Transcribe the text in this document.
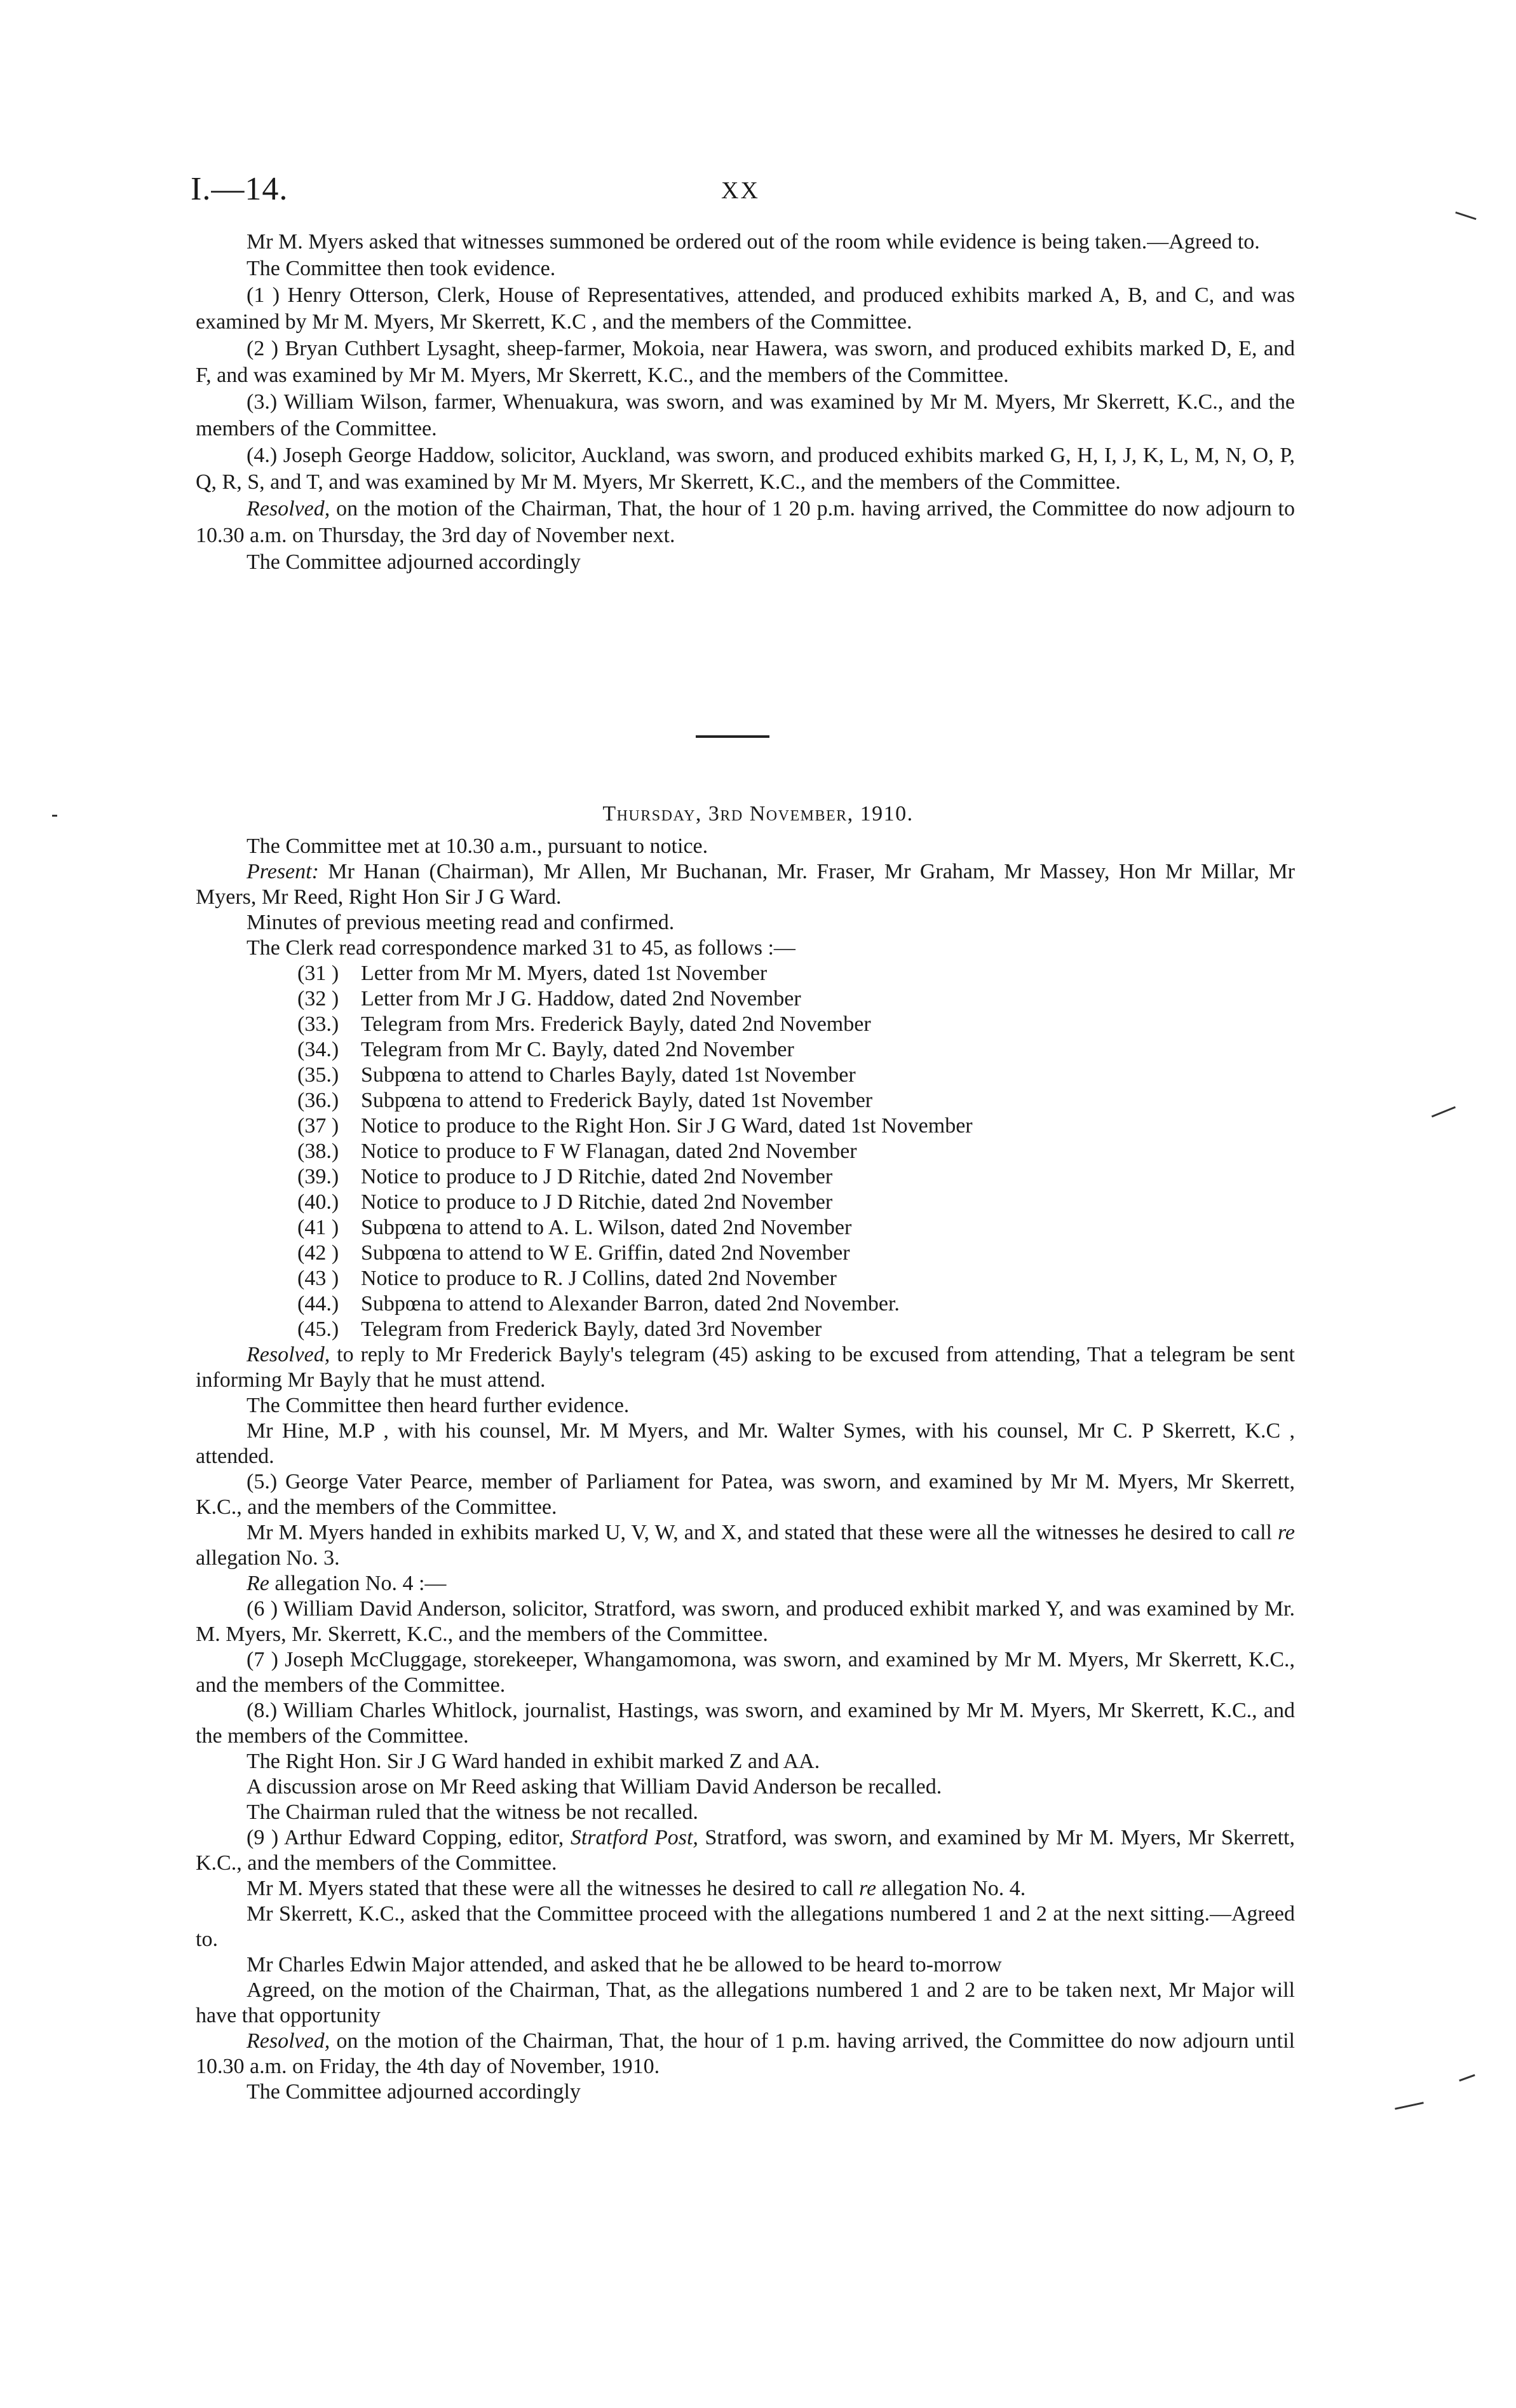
I.—14.	XX

Mr M. Myers asked that witnesses summoned be ordered out of the room while evidence is being taken.—Agreed to.

The Committee then took evidence.

(1 ) Henry Otterson, Clerk, House of Representatives, attended, and produced exhibits marked A, B, and C, and was examined by Mr M. Myers, Mr Skerrett, K.C , and the members of the Committee.

(2 ) Bryan Cuthbert Lysaght, sheep-farmer, Mokoia, near Hawera, was sworn, and produced exhibits marked D, E, and F, and was examined by Mr M. Myers, Mr Skerrett, K.C., and the members of the Committee.

(3.) William Wilson, farmer, Whenuakura, was sworn, and was examined by Mr M. Myers, Mr Skerrett, K.C., and the members of the Committee.

(4.) Joseph George Haddow, solicitor, Auckland, was sworn, and produced exhibits marked G, H, I, J, K, L, M, N, O, P, Q, R, S, and T, and was examined by Mr M. Myers, Mr Skerrett, K.C., and the members of the Committee.

Resolved, on the motion of the Chairman, That, the hour of 1 20 p.m. having arrived, the Committee do now adjourn to 10.30 a.m. on Thursday, the 3rd day of November next.

The Committee adjourned accordingly

Thursday, 3rd November, 1910.

The Committee met at 10.30 a.m., pursuant to notice.

Present: Mr Hanan (Chairman), Mr Allen, Mr Buchanan, Mr. Fraser, Mr Graham, Mr Massey, Hon Mr Millar, Mr Myers, Mr Reed, Right Hon Sir J G Ward.

Minutes of previous meeting read and confirmed.

The Clerk read correspondence marked 31 to 45, as follows :—

(31 ) Letter from Mr M. Myers, dated 1st November
(32 ) Letter from Mr J G. Haddow, dated 2nd November
(33.) Telegram from Mrs. Frederick Bayly, dated 2nd November
(34.) Telegram from Mr C. Bayly, dated 2nd November
(35.) Subpœna to attend to Charles Bayly, dated 1st November
(36.) Subpœna to attend to Frederick Bayly, dated 1st November
(37 ) Notice to produce to the Right Hon. Sir J G Ward, dated 1st November
(38.) Notice to produce to F W Flanagan, dated 2nd November
(39.) Notice to produce to J D Ritchie, dated 2nd November
(40.) Notice to produce to J D Ritchie, dated 2nd November
(41 ) Subpœna to attend to A. L. Wilson, dated 2nd November
(42 ) Subpœna to attend to W E. Griffin, dated 2nd November
(43 ) Notice to produce to R. J Collins, dated 2nd November
(44.) Subpœna to attend to Alexander Barron, dated 2nd November.
(45.) Telegram from Frederick Bayly, dated 3rd November

Resolved, to reply to Mr Frederick Bayly's telegram (45) asking to be excused from attending, That a telegram be sent informing Mr Bayly that he must attend.

The Committee then heard further evidence.

Mr Hine, M.P , with his counsel, Mr. M Myers, and Mr. Walter Symes, with his counsel, Mr C. P Skerrett, K.C , attended.

(5.) George Vater Pearce, member of Parliament for Patea, was sworn, and examined by Mr M. Myers, Mr Skerrett, K.C., and the members of the Committee.

Mr M. Myers handed in exhibits marked U, V, W, and X, and stated that these were all the witnesses he desired to call re allegation No. 3.

Re allegation No. 4 :—

(6 ) William David Anderson, solicitor, Stratford, was sworn, and produced exhibit marked Y, and was examined by Mr. M. Myers, Mr. Skerrett, K.C., and the members of the Committee.

(7 ) Joseph McCluggage, storekeeper, Whangamomona, was sworn, and examined by Mr M. Myers, Mr Skerrett, K.C., and the members of the Committee.

(8.) William Charles Whitlock, journalist, Hastings, was sworn, and examined by Mr M. Myers, Mr Skerrett, K.C., and the members of the Committee.

The Right Hon. Sir J G Ward handed in exhibit marked Z and AA.

A discussion arose on Mr Reed asking that William David Anderson be recalled.

The Chairman ruled that the witness be not recalled.

(9 ) Arthur Edward Copping, editor, Stratford Post, Stratford, was sworn, and examined by Mr M. Myers, Mr Skerrett, K.C., and the members of the Committee.

Mr M. Myers stated that these were all the witnesses he desired to call re allegation No. 4.

Mr Skerrett, K.C., asked that the Committee proceed with the allegations numbered 1 and 2 at the next sitting.—Agreed to.

Mr Charles Edwin Major attended, and asked that he be allowed to be heard to-morrow

Agreed, on the motion of the Chairman, That, as the allegations numbered 1 and 2 are to be taken next, Mr Major will have that opportunity

Resolved, on the motion of the Chairman, That, the hour of 1 p.m. having arrived, the Committee do now adjourn until 10.30 a.m. on Friday, the 4th day of November, 1910.

The Committee adjourned accordingly
